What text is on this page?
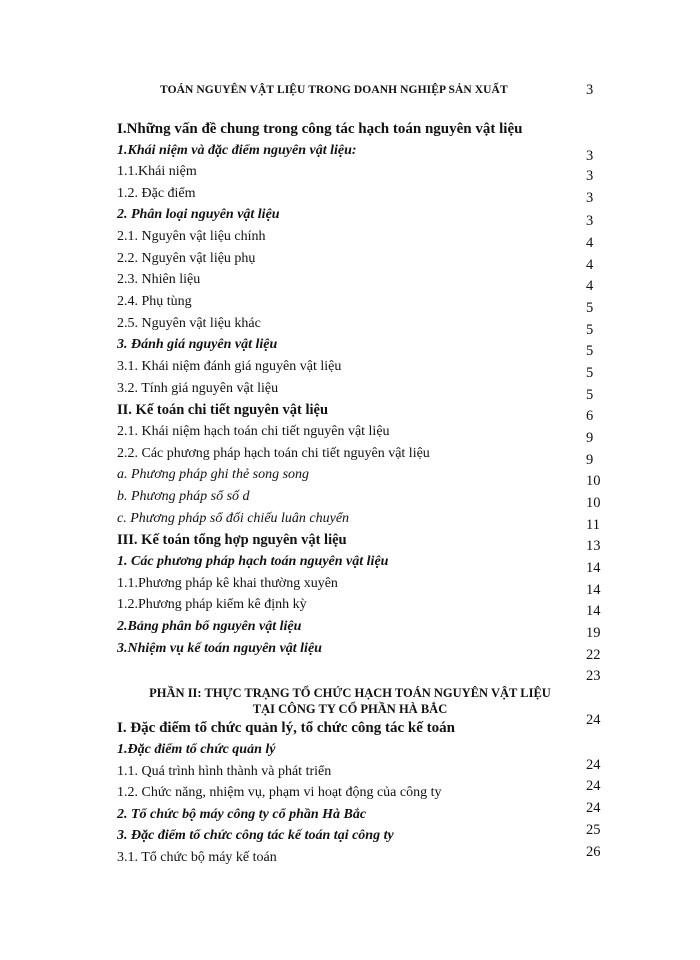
TOÁN NGUYÊN VẬT LIỆU TRONG DOANH NGHIỆP SẢN XUẤT	3
I.Những vấn đề chung trong công tác hạch toán nguyên vật liệu
1.Khái niệm và đặc điểm nguyên vật liệu:
1.1.Khái niệm
1.2. Đặc điểm
2. Phân loại nguyên vật liệu
2.1. Nguyên vật liệu chính
2.2. Nguyên vật liệu phụ
2.3. Nhiên liệu
2.4. Phụ tùng
2.5. Nguyên vật liệu khác
3. Đánh giá nguyên vật liệu
3.1. Khái niệm đánh giá nguyên vật liệu
3.2. Tính giá nguyên vật liệu
II. Kế toán chi tiết nguyên vật liệu
2.1. Khái niệm hạch toán chi tiết nguyên vật liệu
2.2. Các phương pháp hạch toán chi tiết nguyên vật liệu
a. Phương pháp ghi thẻ song song
b. Phương pháp sổ số d
c. Phương pháp sổ đối chiếu luân chuyển
III. Kế toán tổng hợp nguyên vật liệu
1. Các phương pháp hạch toán nguyên vật liệu
1.1.Phương pháp kê khai thường xuyên
1.2.Phương pháp kiểm kê định kỳ
2.Bảng phân bổ nguyên vật liệu
3.Nhiệm vụ kế toán nguyên vật liệu
PHẦN II: THỰC TRẠNG TỔ CHỨC HẠCH TOÁN NGUYÊN VẬT LIỆU
TẠI CÔNG TY CỔ PHẦN HÀ BẮC
I. Đặc điểm tổ chức quản lý, tổ chức công tác kế toán
1.Đặc điểm tổ chức quản lý
1.1. Quá trình hình thành và phát triển
1.2. Chức năng, nhiệm vụ, phạm vi hoạt động của công ty
2. Tổ chức bộ máy công ty cổ phần Hà Bắc
3. Đặc điểm tổ chức công tác kế toán tại công ty
3.1. Tổ chức bộ máy kế toán
3
3
3
3
4
4
4
5
5
5
5
5
6
9
9
10
10
11
13
14
14
14
19
22
23
24
24
24
24
25
26
